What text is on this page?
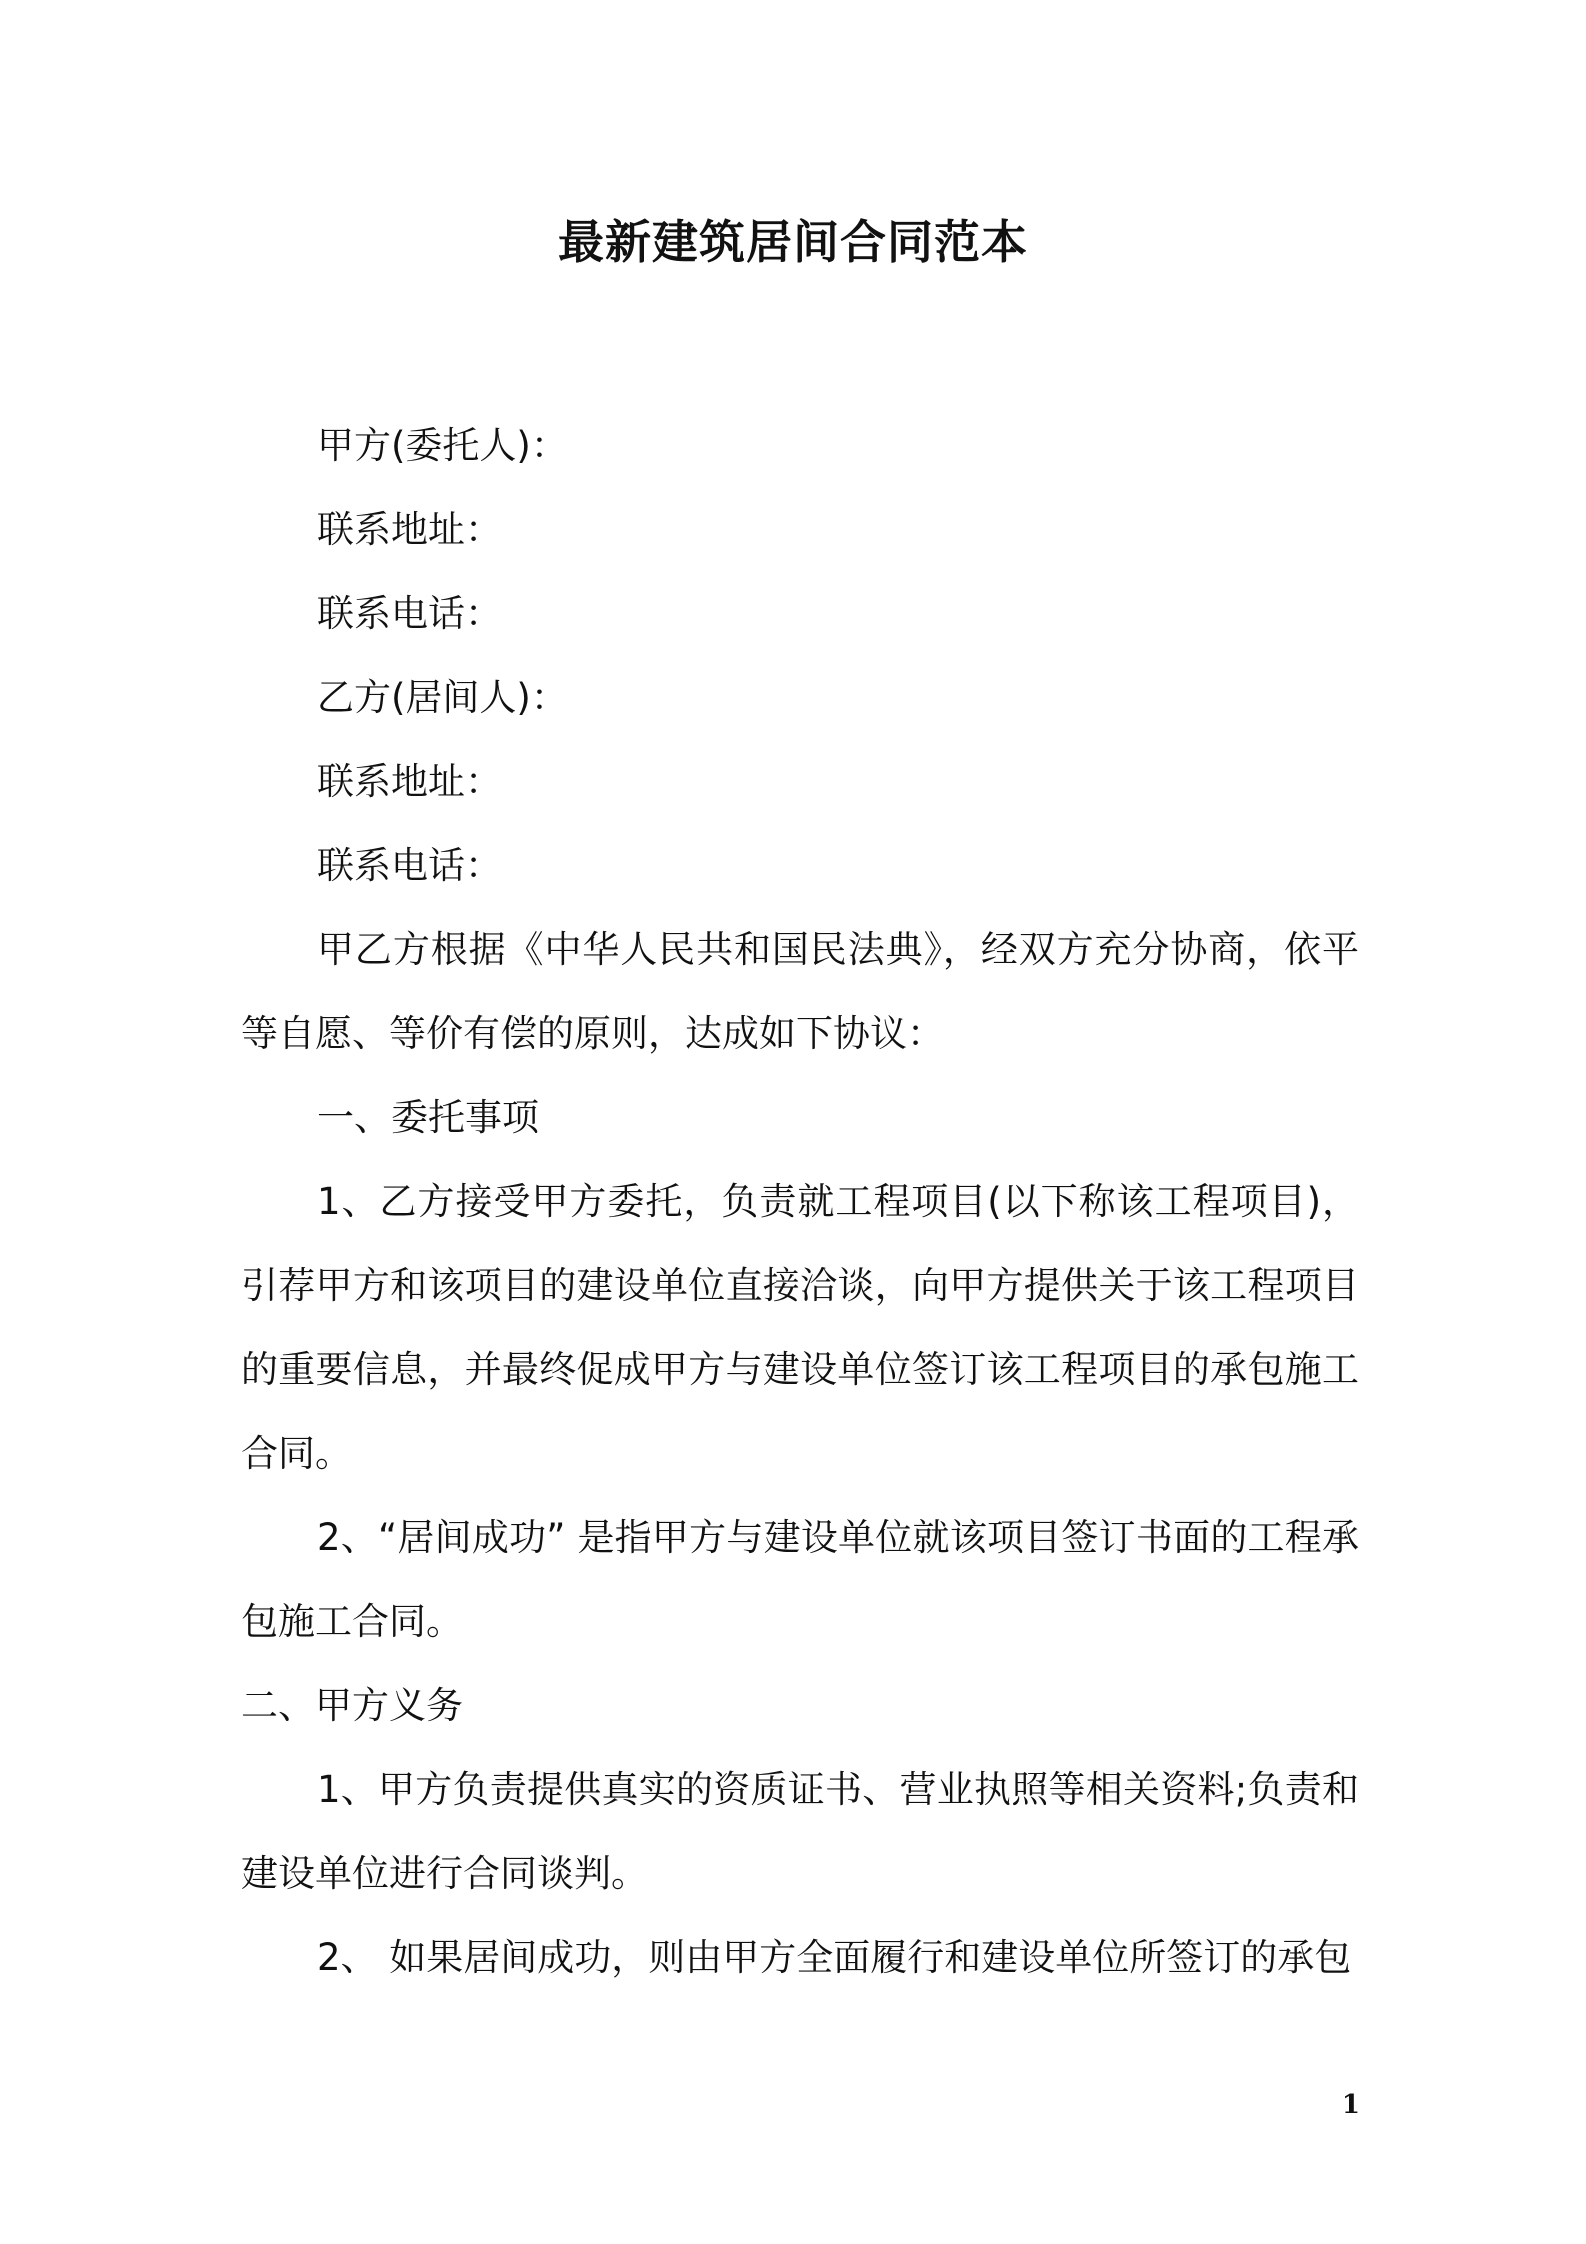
最新建筑居间合同范本

甲方(委托人)：

联系地址：

联系电话：

乙方(居间人)：

联系地址：

联系电话：

甲乙方根据《中华人民共和国民法典》，经双方充分协商，依平等自愿、等价有偿的原则，达成如下协议：

一、委托事项

1、乙方接受甲方委托，负责就工程项目(以下称该工程项目)，引荐甲方和该项目的建设单位直接洽谈，向甲方提供关于该工程项目的重要信息，并最终促成甲方与建设单位签订该工程项目的承包施工合同。

2、“居间成功” 是指甲方与建设单位就该项目签订书面的工程承包施工合同。

二、甲方义务

1、甲方负责提供真实的资质证书、营业执照等相关资料;负责和建设单位进行合同谈判。

2、 如果居间成功，则由甲方全面履行和建设单位所签订的承包

1
